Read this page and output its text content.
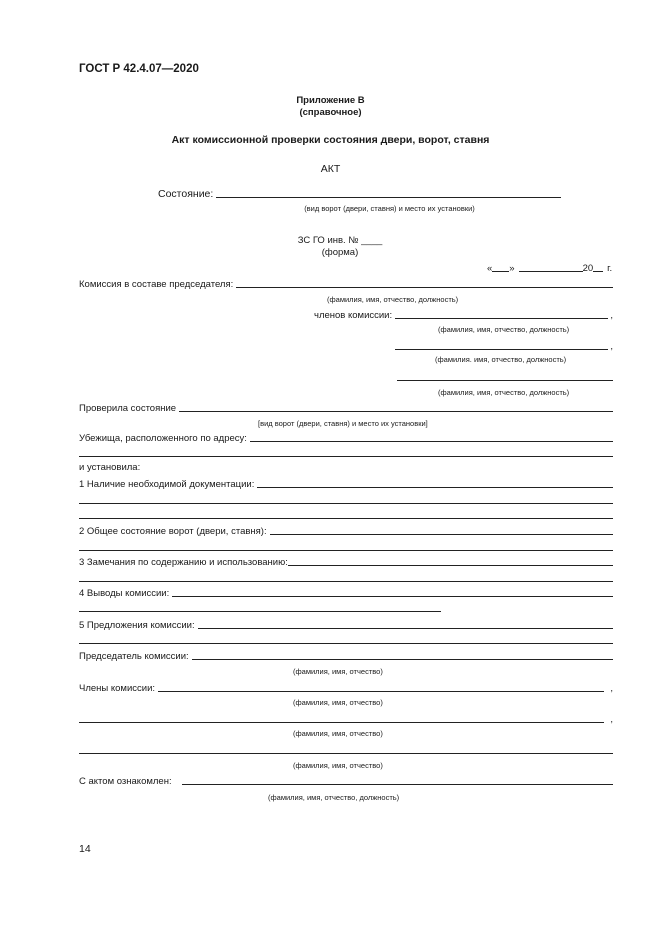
ГОСТ Р 42.4.07—2020
Приложение В
(справочное)
Акт комиссионной проверки состояния двери, ворот, ставня
АКТ
Состояние:
(вид ворот (двери, ставня) и место их установки)
ЗС ГО инв. № ____
(форма)
« »	20 г.
Комиссия в составе председателя:
(фамилия, имя, отчество, должность)
членов комиссии:	,
(фамилия, имя, отчество, должность)
,
(фамилия. имя, отчество, должность)
(фамилия, имя, отчество, должность)
Проверила состояние
[вид ворот (двери, ставня) и место их установки]
Убежища, расположенного по адресу:
и установила:
1 Наличие необходимой документации:
2 Общее состояние ворот (двери, ставня):
3 Замечания по содержанию и использованию:
4 Выводы комиссии:
5 Предложения комиссии:
Председатель комиссии:
(фамилия, имя, отчество)
Члены комиссии:	,
(фамилия, имя, отчество)
,
(фамилия, имя, отчество)
(фамилия, имя, отчество)
С актом ознакомлен:
(фамилия, имя, отчество, должность)
14
